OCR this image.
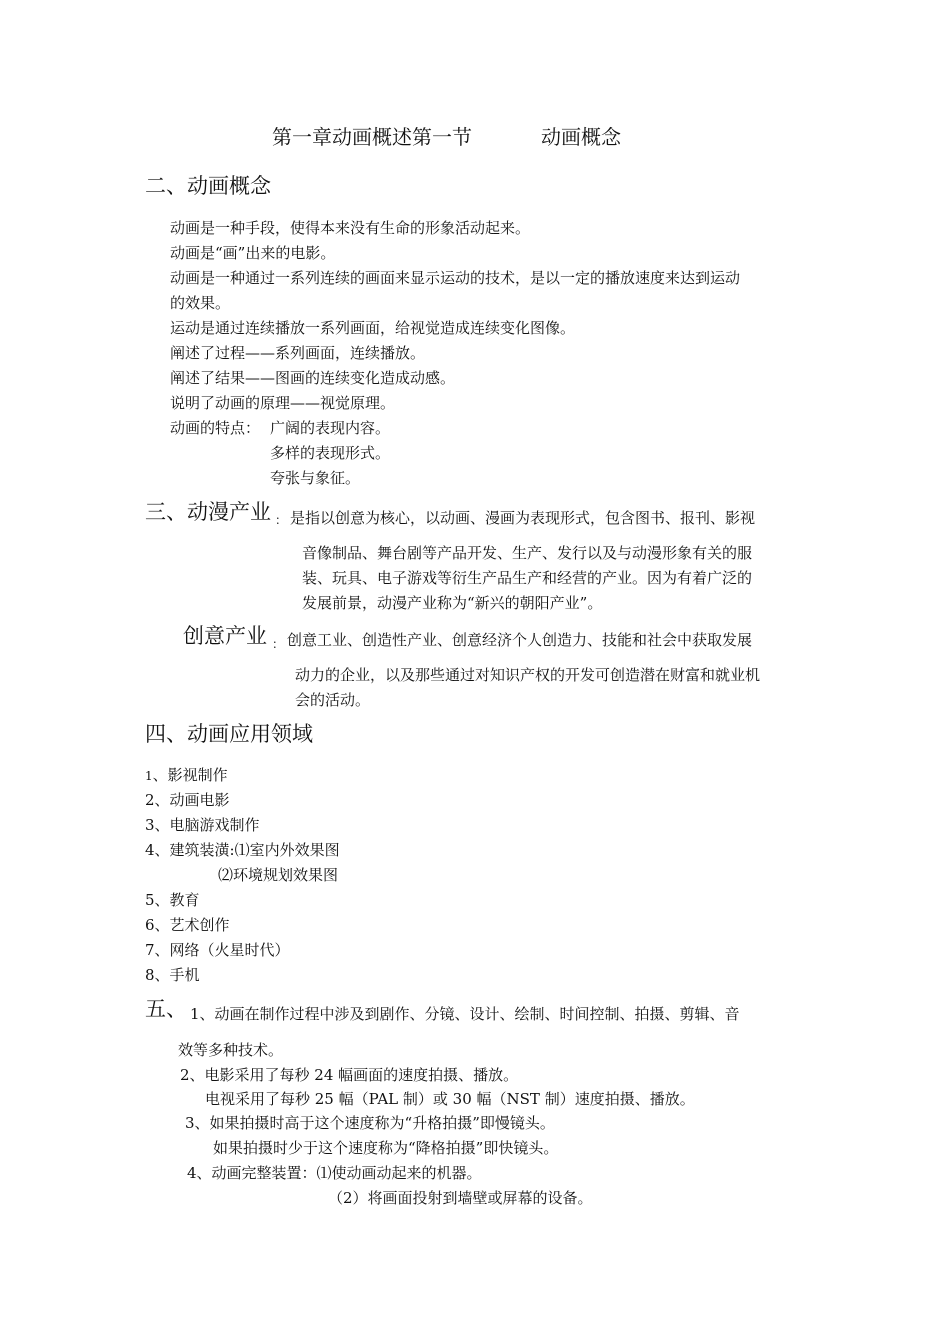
第一章动画概述第一节	动画概念
二、动画概念
动画是一种手段，使得本来没有生命的形象活动起来。
动画是“画”出来的电影。
动画是一种通过一系列连续的画面来显示运动的技术，是以一定的播放速度来达到运动
的效果。
运动是通过连续播放一系列画面，给视觉造成连续变化图像。
阐述了过程——系列画面，连续播放。
阐述了结果——图画的连续变化造成动感。
说明了动画的原理——视觉原理。
动画的特点： 广阔的表现内容。
多样的表现形式。
夸张与象征。
三、动漫产业 ： 是指以创意为核心，以动画、漫画为表现形式，包含图书、报刊、影视
音像制品、舞台剧等产品开发、生产、发行以及与动漫形象有关的服
装、玩具、电子游戏等衍生产品生产和经营的产业。因为有着广泛的
发展前景，动漫产业称为“新兴的朝阳产业”。
创意产业 ： 创意工业、创造性产业、创意经济个人创造力、技能和社会中获取发展
动力的企业，以及那些通过对知识产权的开发可创造潜在财富和就业机
会的活动。
四、动画应用领域
1、影视制作
2、动画电影
3、电脑游戏制作
4、建筑装潢:⑴室内外效果图
⑵环境规划效果图
5、教育
6、艺术创作
7、网络（火星时代）
8、手机
五、 1、动画在制作过程中涉及到剧作、分镜、设计、绘制、时间控制、拍摄、剪辑、音
效等多种技术。
2、电影采用了每秒 24 幅画面的速度拍摄、播放。
电视采用了每秒 25 幅（PAL 制）或 30 幅（NST 制）速度拍摄、播放。
3、如果拍摄时高于这个速度称为“升格拍摄”即慢镜头。
如果拍摄时少于这个速度称为“降格拍摄”即快镜头。
4、动画完整装置：⑴使动画动起来的机器。
（2）将画面投射到墙壁或屏幕的设备。
